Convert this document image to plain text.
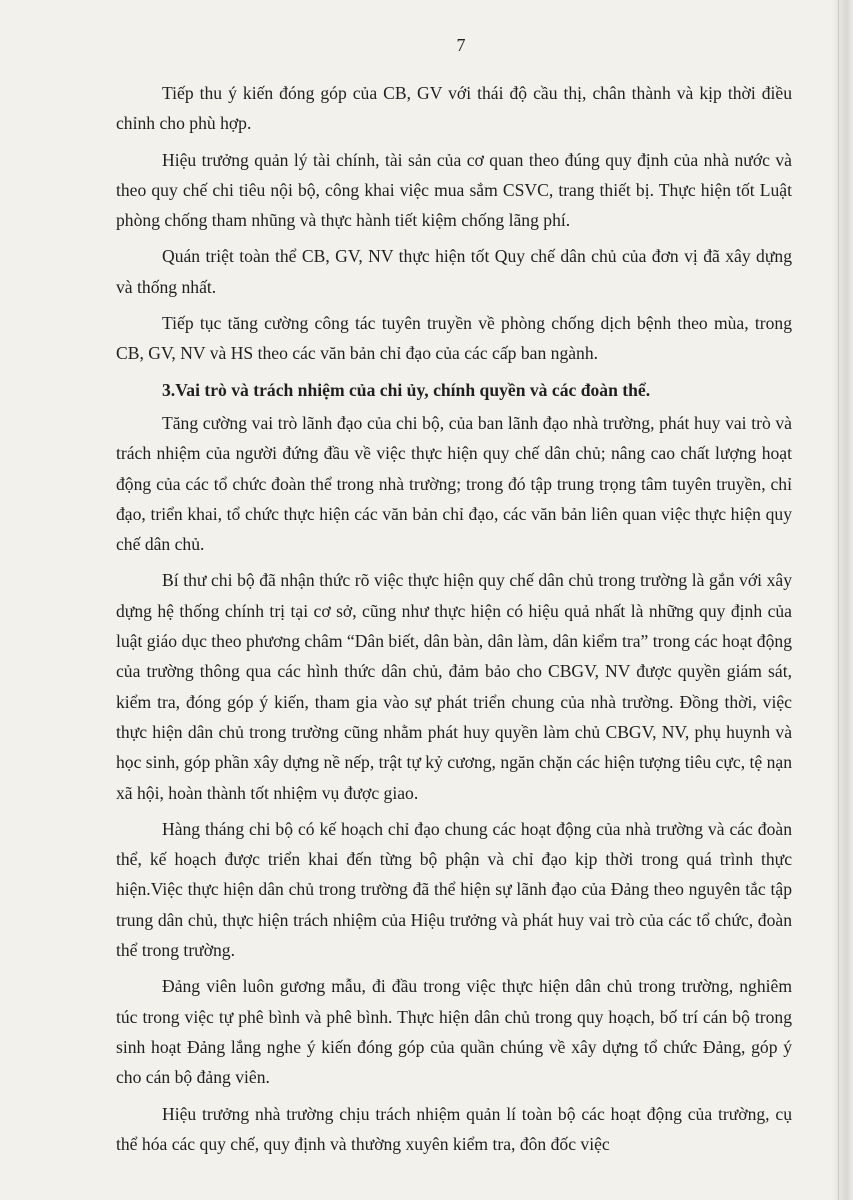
7

Tiếp thu ý kiến đóng góp của CB, GV với thái độ cầu thị, chân thành và kịp thời điều chỉnh cho phù hợp.

Hiệu trưởng quản lý tài chính, tài sản của cơ quan theo đúng quy định của nhà nước và theo quy chế chi tiêu nội bộ, công khai việc mua sắm CSVC, trang thiết bị. Thực hiện tốt Luật phòng chống tham nhũng và thực hành tiết kiệm chống lãng phí.

Quán triệt toàn thể CB, GV, NV thực hiện tốt Quy chế dân chủ của đơn vị đã xây dựng và thống nhất.

Tiếp tục tăng cường công tác tuyên truyền về phòng chống dịch bệnh theo mùa, trong CB, GV, NV và HS theo các văn bản chỉ đạo của các cấp ban ngành.

3.Vai trò và trách nhiệm của chi ủy, chính quyền và các đoàn thể.

Tăng cường vai trò lãnh đạo của chi bộ, của ban lãnh đạo nhà trường, phát huy vai trò và trách nhiệm của người đứng đầu về việc thực hiện quy chế dân chủ; nâng cao chất lượng hoạt động của các tổ chức đoàn thể trong nhà trường; trong đó tập trung trọng tâm tuyên truyền, chỉ đạo, triển khai, tổ chức thực hiện các văn bản chỉ đạo, các văn bản liên quan việc thực hiện quy chế dân chủ.

Bí thư chi bộ đã nhận thức rõ việc thực hiện quy chế dân chủ trong trường là gắn với xây dựng hệ thống chính trị tại cơ sở, cũng như thực hiện có hiệu quả nhất là những quy định của luật giáo dục theo phương châm “Dân biết, dân bàn, dân làm, dân kiểm tra” trong các hoạt động của trường thông qua các hình thức dân chủ, đảm bảo cho CBGV, NV được quyền giám sát, kiểm tra, đóng góp ý kiến, tham gia vào sự phát triển chung của nhà trường. Đồng thời, việc thực hiện dân chủ trong trường cũng nhằm phát huy quyền làm chủ CBGV, NV, phụ huynh và học sinh, góp phần xây dựng nề nếp, trật tự kỷ cương, ngăn chặn các hiện tượng tiêu cực, tệ nạn xã hội, hoàn thành tốt nhiệm vụ được giao.

Hàng tháng chi bộ có kế hoạch chỉ đạo chung các hoạt động của nhà trường và các đoàn thể, kế hoạch được triển khai đến từng bộ phận và chỉ đạo kịp thời trong quá trình thực hiện.Việc thực hiện dân chủ trong trường đã thể hiện sự lãnh đạo của Đảng theo nguyên tắc tập trung dân chủ, thực hiện trách nhiệm của Hiệu trưởng và phát huy vai trò của các tổ chức, đoàn thể trong trường.

Đảng viên luôn gương mẫu, đi đầu trong việc thực hiện dân chủ trong trường, nghiêm túc trong việc tự phê bình và phê bình. Thực hiện dân chủ trong quy hoạch, bố trí cán bộ trong sinh hoạt Đảng lắng nghe ý kiến đóng góp của quần chúng về xây dựng tổ chức Đảng, góp ý cho cán bộ đảng viên.

Hiệu trưởng nhà trường chịu trách nhiệm quản lí toàn bộ các hoạt động của trường, cụ thể hóa các quy chế, quy định và thường xuyên kiểm tra, đôn đốc việc
